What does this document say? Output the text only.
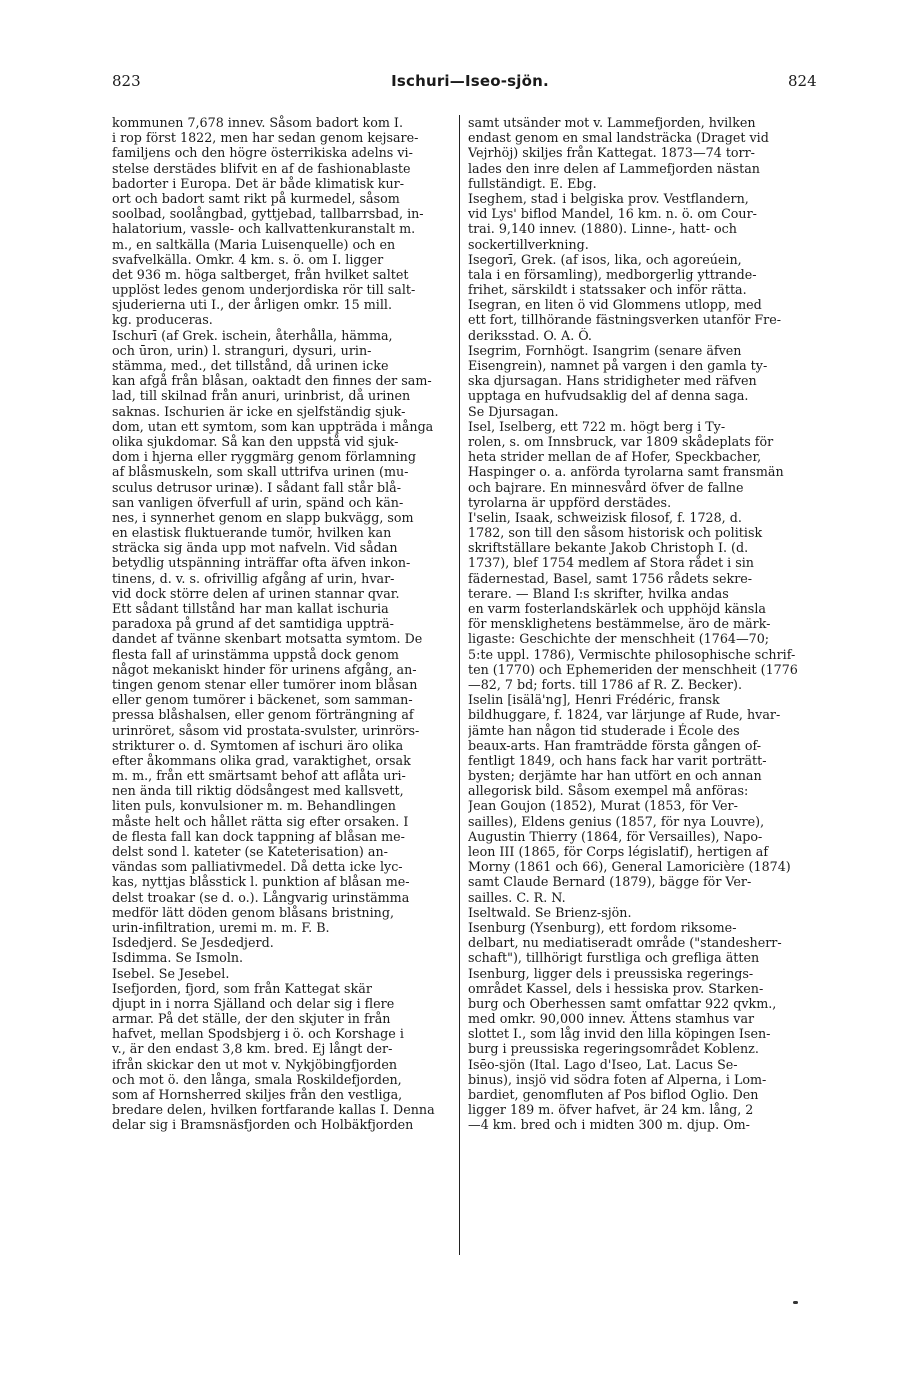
823	Ischuri—Iseo-sjön.	824
kommunen 7,678 innev. Såsom badort kom I.
i rop först 1822, men har sedan genom kejsare-
familjens och den högre österrikiska adelns vi-
stelse derstädes blifvit en af de fashionablaste
badorter i Europa. Det är både klimatisk kur-
ort och badort samt rikt på kurmedel, såsom
soolbad, soolångbad, gyttjebad, tallbarrsbad, in-
halatorium, vassle- och kallvattenkuranstalt m.
m., en saltkälla (Maria Luisenquelle) och en
svafvelkälla. Omkr. 4 km. s. ö. om I. ligger
det 936 m. höga saltberget, från hvilket saltet
upplöst ledes genom underjordiska rör till salt-
sjuderierna uti I., der årligen omkr. 15 mill.
kg. produceras.
Ischurī (af Grek. ischein, återhålla, hämma,
och ūron, urin) l. stranguri, dysuri, urin-
stämma, med., det tillstånd, då urinen icke
kan afgå från blåsan, oaktadt den finnes der sam-
lad, till skilnad från anuri, urinbrist, då urinen
saknas. Ischurien är icke en sjelfständig sjuk-
dom, utan ett symtom, som kan uppträda i många
olika sjukdomar. Så kan den uppstå vid sjuk-
dom i hjerna eller ryggmärg genom förlamning
af blåsmuskeln, som skall uttrifva urinen (mu-
sculus detrusor urinæ). I sådant fall står blå-
san vanligen öfverfull af urin, spänd och kän-
nes, i synnerhet genom en slapp bukvägg, som
en elastisk fluktuerande tumör, hvilken kan
sträcka sig ända upp mot nafveln. Vid sådan
betydlig utspänning inträffar ofta äfven inkon-
tinens, d. v. s. ofrivillig afgång af urin, hvar-
vid dock större delen af urinen stannar qvar.
Ett sådant tillstånd har man kallat ischuria
paradoxa på grund af det samtidiga uppträ-
dandet af tvänne skenbart motsatta symtom. De
flesta fall af urinstämma uppstå dock genom
något mekaniskt hinder för urinens afgång, an-
tingen genom stenar eller tumörer inom blåsan
eller genom tumörer i bäckenet, som samman-
pressa blåshalsen, eller genom förträngning af
urinröret, såsom vid prostata-svulster, urinrörs-
strikturer o. d. Symtomen af ischuri äro olika
efter åkommans olika grad, varaktighet, orsak
m. m., från ett smärtsamt behof att aflåta uri-
nen ända till riktig dödsångest med kallsvett,
liten puls, konvulsioner m. m. Behandlingen
måste helt och hållet rätta sig efter orsaken. I
de flesta fall kan dock tappning af blåsan me-
delst sond l. kateter (se Kateterisation) an-
vändas som palliativmedel. Då detta icke lyc-
kas, nyttjas blåsstick l. punktion af blåsan me-
delst troakar (se d. o.). Långvarig urinstämma
medför lätt döden genom blåsans bristning,
urin-infiltration, uremi m. m. F. B.
Isdedjerd. Se Jesdedjerd.
Isdimma. Se Ismoln.
Isebel. Se Jesebel.
Isefjorden, fjord, som från Kattegat skär
djupt in i norra Själland och delar sig i flere
armar. På det ställe, der den skjuter in från
hafvet, mellan Spodsbjerg i ö. och Korshage i
v., är den endast 3,8 km. bred. Ej långt der-
ifrån skickar den ut mot v. Nykjöbingfjorden
och mot ö. den långa, smala Roskildefjorden,
som af Hornsherred skiljes från den vestliga,
bredare delen, hvilken fortfarande kallas I. Denna
delar sig i Bramsnäsfjorden och Holbäkfjorden
samt utsänder mot v. Lammefjorden, hvilken
endast genom en smal landsträcka (Draget vid
Vejrhöj) skiljes från Kattegat. 1873—74 torr-
lades den inre delen af Lammefjorden nästan
fullständigt. E. Ebg.
Iseghem, stad i belgiska prov. Vestflandern,
vid Lys' biflod Mandel, 16 km. n. ö. om Cour-
trai. 9,140 innev. (1880). Linne-, hatt- och
sockertillverkning.
Isegorī, Grek. (af isos, lika, och agoreúein,
tala i en församling), medborgerlig yttrande-
frihet, särskildt i statssaker och inför rätta.
Isegran, en liten ö vid Glommens utlopp, med
ett fort, tillhörande fästningsverken utanför Fre-
deriksstad. O. A. Ö.
Isegrim, Fornhögt. Isangrim (senare äfven
Eisengrein), namnet på vargen i den gamla ty-
ska djursagan. Hans stridigheter med räfven
upptaga en hufvudsaklig del af denna saga.
Se Djursagan.
Isel, Iselberg, ett 722 m. högt berg i Ty-
rolen, s. om Innsbruck, var 1809 skådeplats för
heta strider mellan de af Hofer, Speckbacher,
Haspinger o. a. anförda tyrolarna samt fransmän
och bajrare. En minnesvård öfver de fallne
tyrolarna är uppförd derstädes.
I'selin, Isaak, schweizisk filosof, f. 1728, d.
1782, son till den såsom historisk och politisk
skriftställare bekante Jakob Christoph I. (d.
1737), blef 1754 medlem af Stora rådet i sin
fädernestad, Basel, samt 1756 rådets sekre-
terare. — Bland I:s skrifter, hvilka andas
en varm fosterlandskärlek och upphöjd känsla
för mensklighetens bestämmelse, äro de märk-
ligaste: Geschichte der menschheit (1764—70;
5:te uppl. 1786), Vermischte philosophische schrif-
ten (1770) och Ephemeriden der menschheit (1776
—82, 7 bd; forts. till 1786 af R. Z. Becker).
Iselin [isälä'ng], Henri Frédéric, fransk
bildhuggare, f. 1824, var lärjunge af Rude, hvar-
jämte han någon tid studerade i École des
beaux-arts. Han framträdde första gången of-
fentligt 1849, och hans fack har varit porträtt-
bysten; derjämte har han utfört en och annan
allegorisk bild. Såsom exempel må anföras:
Jean Goujon (1852), Murat (1853, för Ver-
sailles), Eldens genius (1857, för nya Louvre),
Augustin Thierry (1864, för Versailles), Napo-
leon III (1865, för Corps législatif), hertigen af
Morny (1861 och 66), General Lamoricière (1874)
samt Claude Bernard (1879), bägge för Ver-
sailles. C. R. N.
Iseltwald. Se Brienz-sjön.
Isenburg (Ysenburg), ett fordom riksome-
delbart, nu mediatiseradt område ("standesherr-
schaft"), tillhörigt furstliga och grefliga ätten
Isenburg, ligger dels i preussiska regerings-
området Kassel, dels i hessiska prov. Starken-
burg och Oberhessen samt omfattar 922 qvkm.,
med omkr. 90,000 innev. Ättens stamhus var
slottet I., som låg invid den lilla köpingen Isen-
burg i preussiska regeringsområdet Koblenz.
Isēo-sjön (Ital. Lago d'Iseo, Lat. Lacus Se-
binus), insjö vid södra foten af Alperna, i Lom-
bardiet, genomfluten af Pos biflod Oglio. Den
ligger 189 m. öfver hafvet, är 24 km. lång, 2
—4 km. bred och i midten 300 m. djup. Om-
